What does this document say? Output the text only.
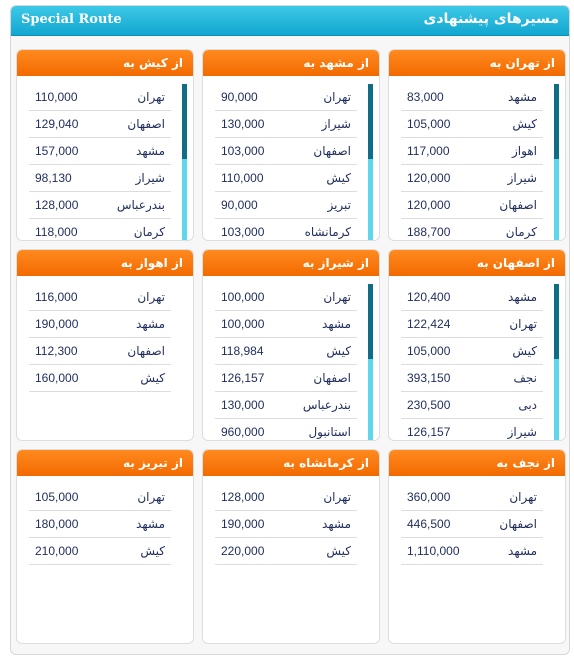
Special Route	مسیرهای پیشنهادی
از تهران به
مشهد
83,000
کیش
105,000
اهواز
117,000
شیراز
120,000
اصفهان
120,000
کرمان
188,700
از مشهد به
تهران
90,000
شیراز
130,000
اصفهان
103,000
کیش
110,000
تبریز
90,000
کرمانشاه
103,000
از کیش به
تهران
110,000
اصفهان
129,040
مشهد
157,000
شیراز
98,130
بندرعباس
128,000
کرمان
118,000
از اصفهان به
مشهد
120,400
تهران
122,424
کیش
105,000
نجف
393,150
دبی
230,500
شیراز
126,157
از شیراز به
تهران
100,000
مشهد
100,000
کیش
118,984
اصفهان
126,157
بندرعباس
130,000
استانبول
960,000
از اهواز به
تهران
116,000
مشهد
190,000
اصفهان
112,300
کیش
160,000
از نجف به
تهران
360,000
اصفهان
446,500
مشهد
1,110,000
از کرمانشاه به
تهران
128,000
مشهد
190,000
کیش
220,000
از تبریز به
تهران
105,000
مشهد
180,000
کیش
210,000
